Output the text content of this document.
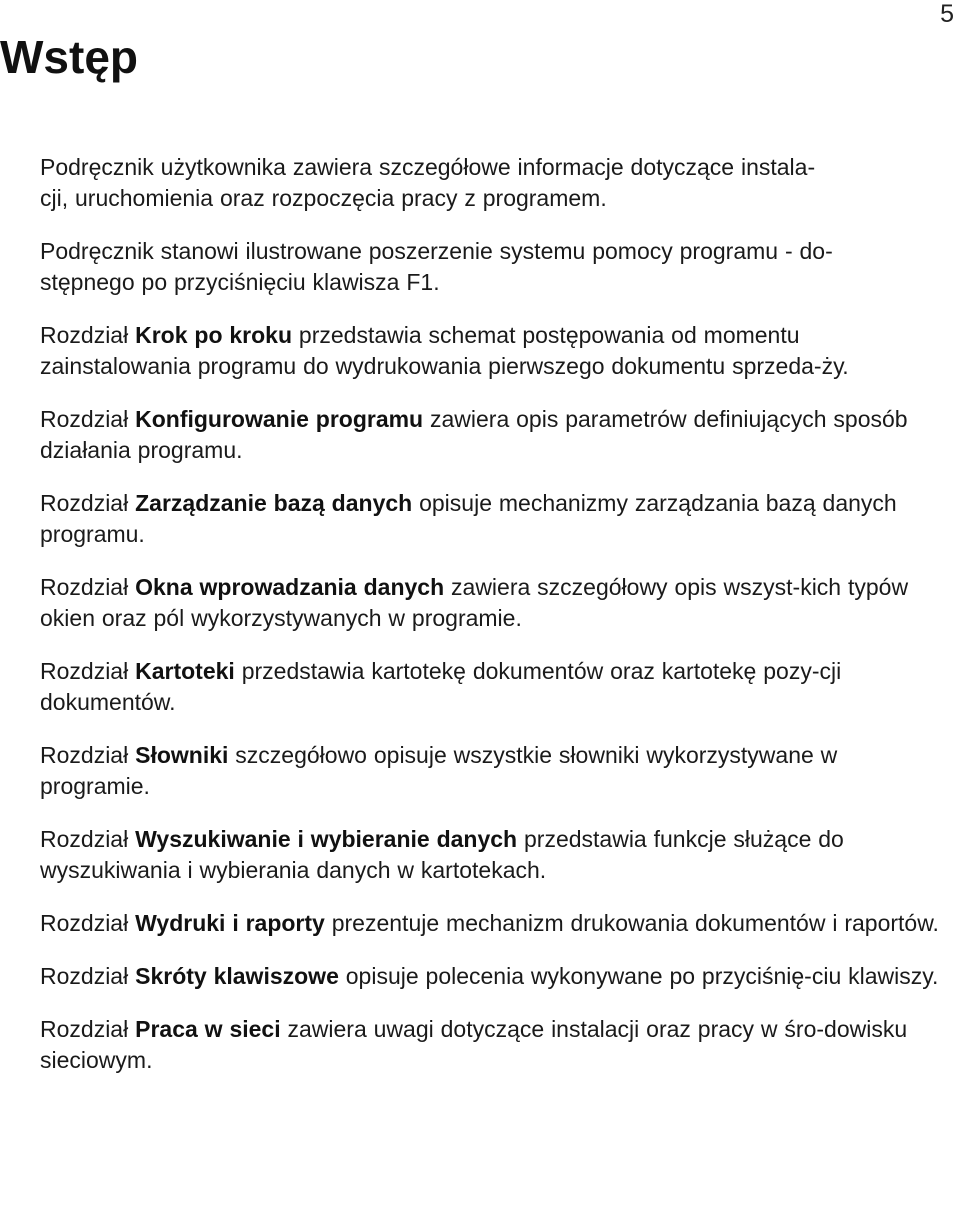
5
Wstęp

Podręcznik użytkownika zawiera szczegółowe informacje dotyczące instala-
cji, uruchomienia oraz rozpoczęcia pracy z programem.

Podręcznik stanowi ilustrowane poszerzenie systemu pomocy programu - do-
stępnego po przyciśnięciu klawisza F1.

Rozdział Krok po kroku przedstawia schemat postępowania od momentu zainstalowania programu do wydrukowania pierwszego dokumentu sprzeda-żу.

Rozdział Konfigurowanie programu zawiera opis parametrów definiujących sposób działania programu.

Rozdział Zarządzanie bazą danych opisuje mechanizmy zarządzania bazą danych programu.

Rozdział Okna wprowadzania danych zawiera szczegółowy opis wszyst-kich typów okien oraz pól wykorzystywanych w programie.

Rozdział Kartoteki przedstawia kartotekę dokumentów oraz kartotekę pozy-cji dokumentów.

Rozdział Słowniki szczegółowo opisuje wszystkie słowniki wykorzystywane w programie.

Rozdział Wyszukiwanie i wybieranie danych przedstawia funkcje służące do wyszukiwania i wybierania danych w kartotekach.

Rozdział Wydruki i raporty prezentuje mechanizm drukowania dokumentów i raportów.

Rozdział Skróty klawiszowe opisuje polecenia wykonywane po przyciśnię-ciu klawiszy.

Rozdział Praca w sieci zawiera uwagi dotyczące instalacji oraz pracy w śro-dowisku sieciowym.
